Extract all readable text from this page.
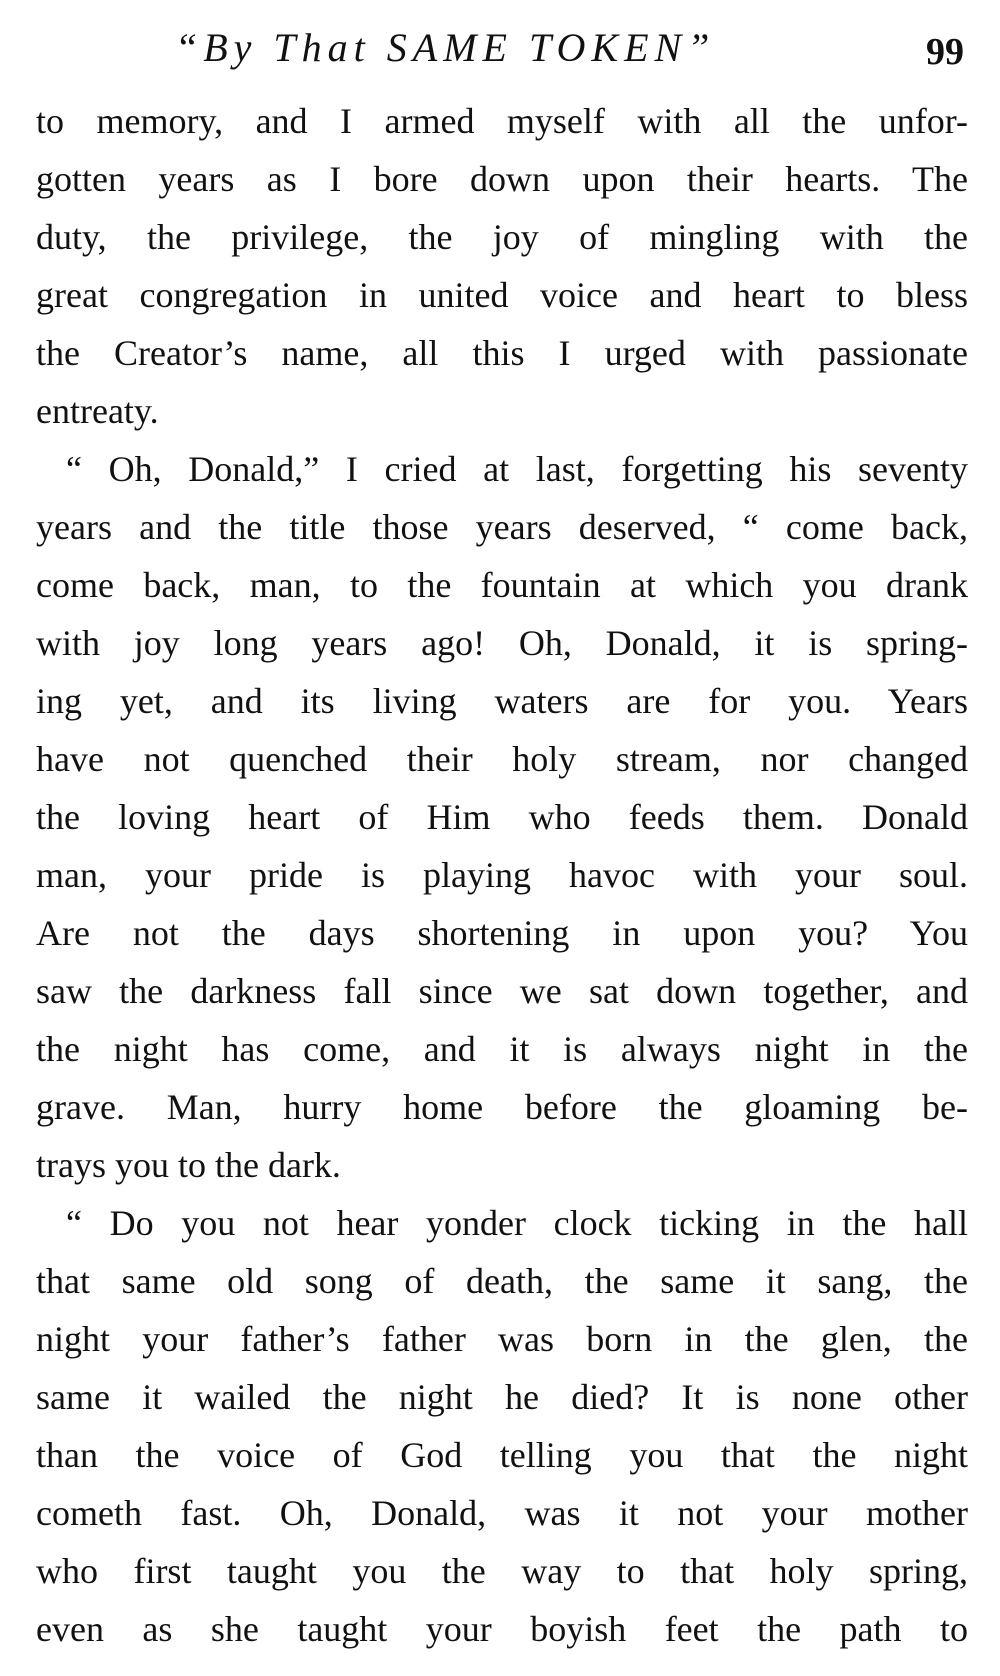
“By That SAME TOKEN”	99
to memory, and I armed myself with all the unfor-
gotten years as I bore down upon their hearts. The
duty, the privilege, the joy of mingling with the
great congregation in united voice and heart to bless
the Creator’s name, all this I urged with passionate
entreaty.
“ Oh, Donald,” I cried at last, forgetting his seventy
years and the title those years deserved, “ come back,
come back, man, to the fountain at which you drank
with joy long years ago! Oh, Donald, it is spring-
ing yet, and its living waters are for you. Years
have not quenched their holy stream, nor changed
the loving heart of Him who feeds them. Donald
man, your pride is playing havoc with your soul.
Are not the days shortening in upon you? You
saw the darkness fall since we sat down together, and
the night has come, and it is always night in the
grave. Man, hurry home before the gloaming be-
trays you to the dark.
“ Do you not hear yonder clock ticking in the hall
that same old song of death, the same it sang, the
night your father’s father was born in the glen, the
same it wailed the night he died? It is none other
than the voice of God telling you that the night
cometh fast. Oh, Donald, was it not your mother
who first taught you the way to that holy spring,
even as she taught your boyish feet the path to
